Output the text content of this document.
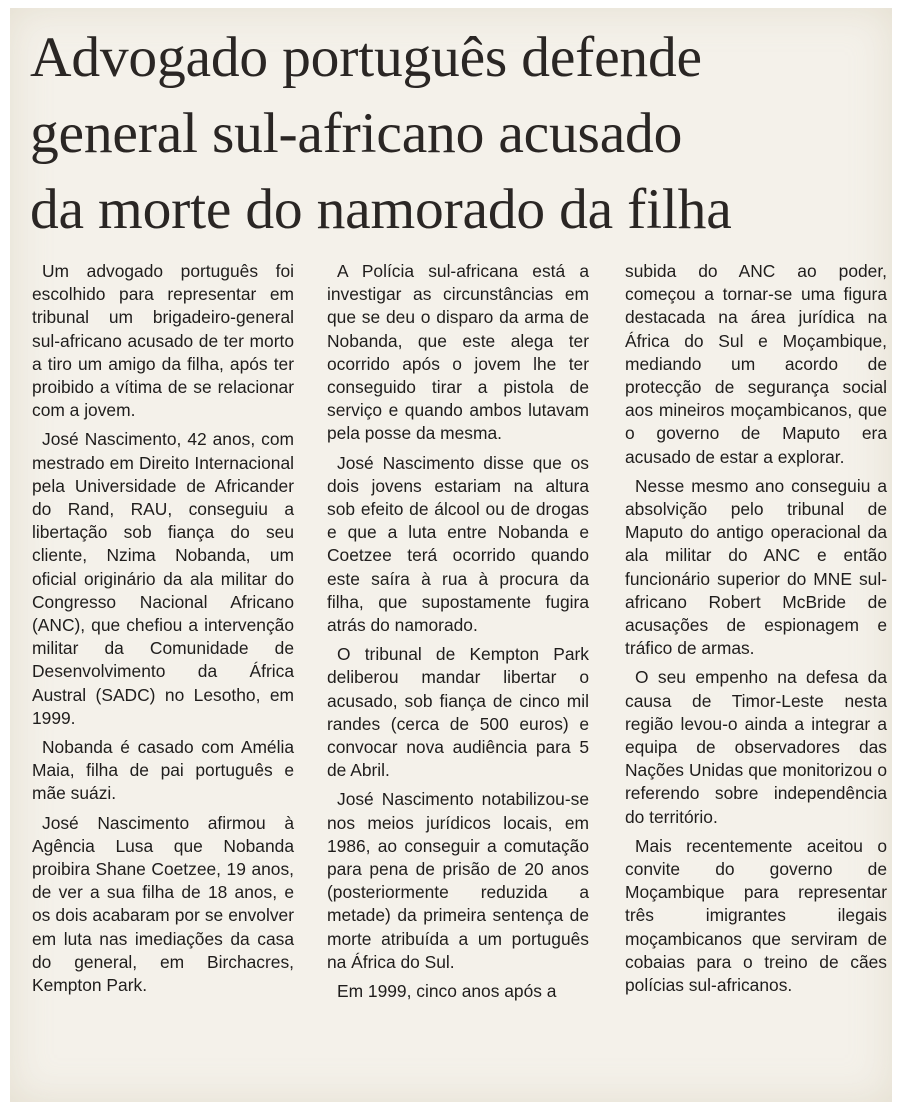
Advogado português defende
general sul-africano acusado
da morte do namorado da filha

Um advogado português foi escolhido para representar em tribunal um brigadeiro-general sul-africano acusado de ter morto a tiro um amigo da filha, após ter proibido a vítima de se relacionar com a jovem.

José Nascimento, 42 anos, com mestrado em Direito Internacional pela Universidade de Africander do Rand, RAU, conseguiu a libertação sob fiança do seu cliente, Nzima Nobanda, um oficial originário da ala militar do Congresso Nacional Africano (ANC), que chefiou a intervenção militar da Comunidade de Desenvolvimento da África Austral (SADC) no Lesotho, em 1999.

Nobanda é casado com Amélia Maia, filha de pai português e mãe suázi.

José Nascimento afirmou à Agência Lusa que Nobanda proibira Shane Coetzee, 19 anos, de ver a sua filha de 18 anos, e os dois acabaram por se envolver em luta nas imediações da casa do general, em Birchacres, Kempton Park.

A Polícia sul-africana está a investigar as circunstâncias em que se deu o disparo da arma de Nobanda, que este alega ter ocorrido após o jovem lhe ter conseguido tirar a pistola de serviço e quando ambos lutavam pela posse da mesma.

José Nascimento disse que os dois jovens estariam na altura sob efeito de álcool ou de drogas e que a luta entre Nobanda e Coetzee terá ocorrido quando este saíra à rua à procura da filha, que supostamente fugira atrás do namorado.

O tribunal de Kempton Park deliberou mandar libertar o acusado, sob fiança de cinco mil randes (cerca de 500 euros) e convocar nova audiência para 5 de Abril.

José Nascimento notabilizou-se nos meios jurídicos locais, em 1986, ao conseguir a comutação para pena de prisão de 20 anos (posteriormente reduzida a metade) da primeira sentença de morte atribuída a um português na África do Sul.

Em 1999, cinco anos após a

subida do ANC ao poder, começou a tornar-se uma figura destacada na área jurídica na África do Sul e Moçambique, mediando um acordo de protecção de segurança social aos mineiros moçambicanos, que o governo de Maputo era acusado de estar a explorar.

Nesse mesmo ano conseguiu a absolvição pelo tribunal de Maputo do antigo operacional da ala militar do ANC e então funcionário superior do MNE sul-africano Robert McBride de acusações de espionagem e tráfico de armas.

O seu empenho na defesa da causa de Timor-Leste nesta região levou-o ainda a integrar a equipa de observadores das Nações Unidas que monitorizou o referendo sobre independência do território.

Mais recentemente aceitou o convite do governo de Moçambique para representar três imigrantes ilegais moçambicanos que serviram de cobaias para o treino de cães polícias sul-africanos.
